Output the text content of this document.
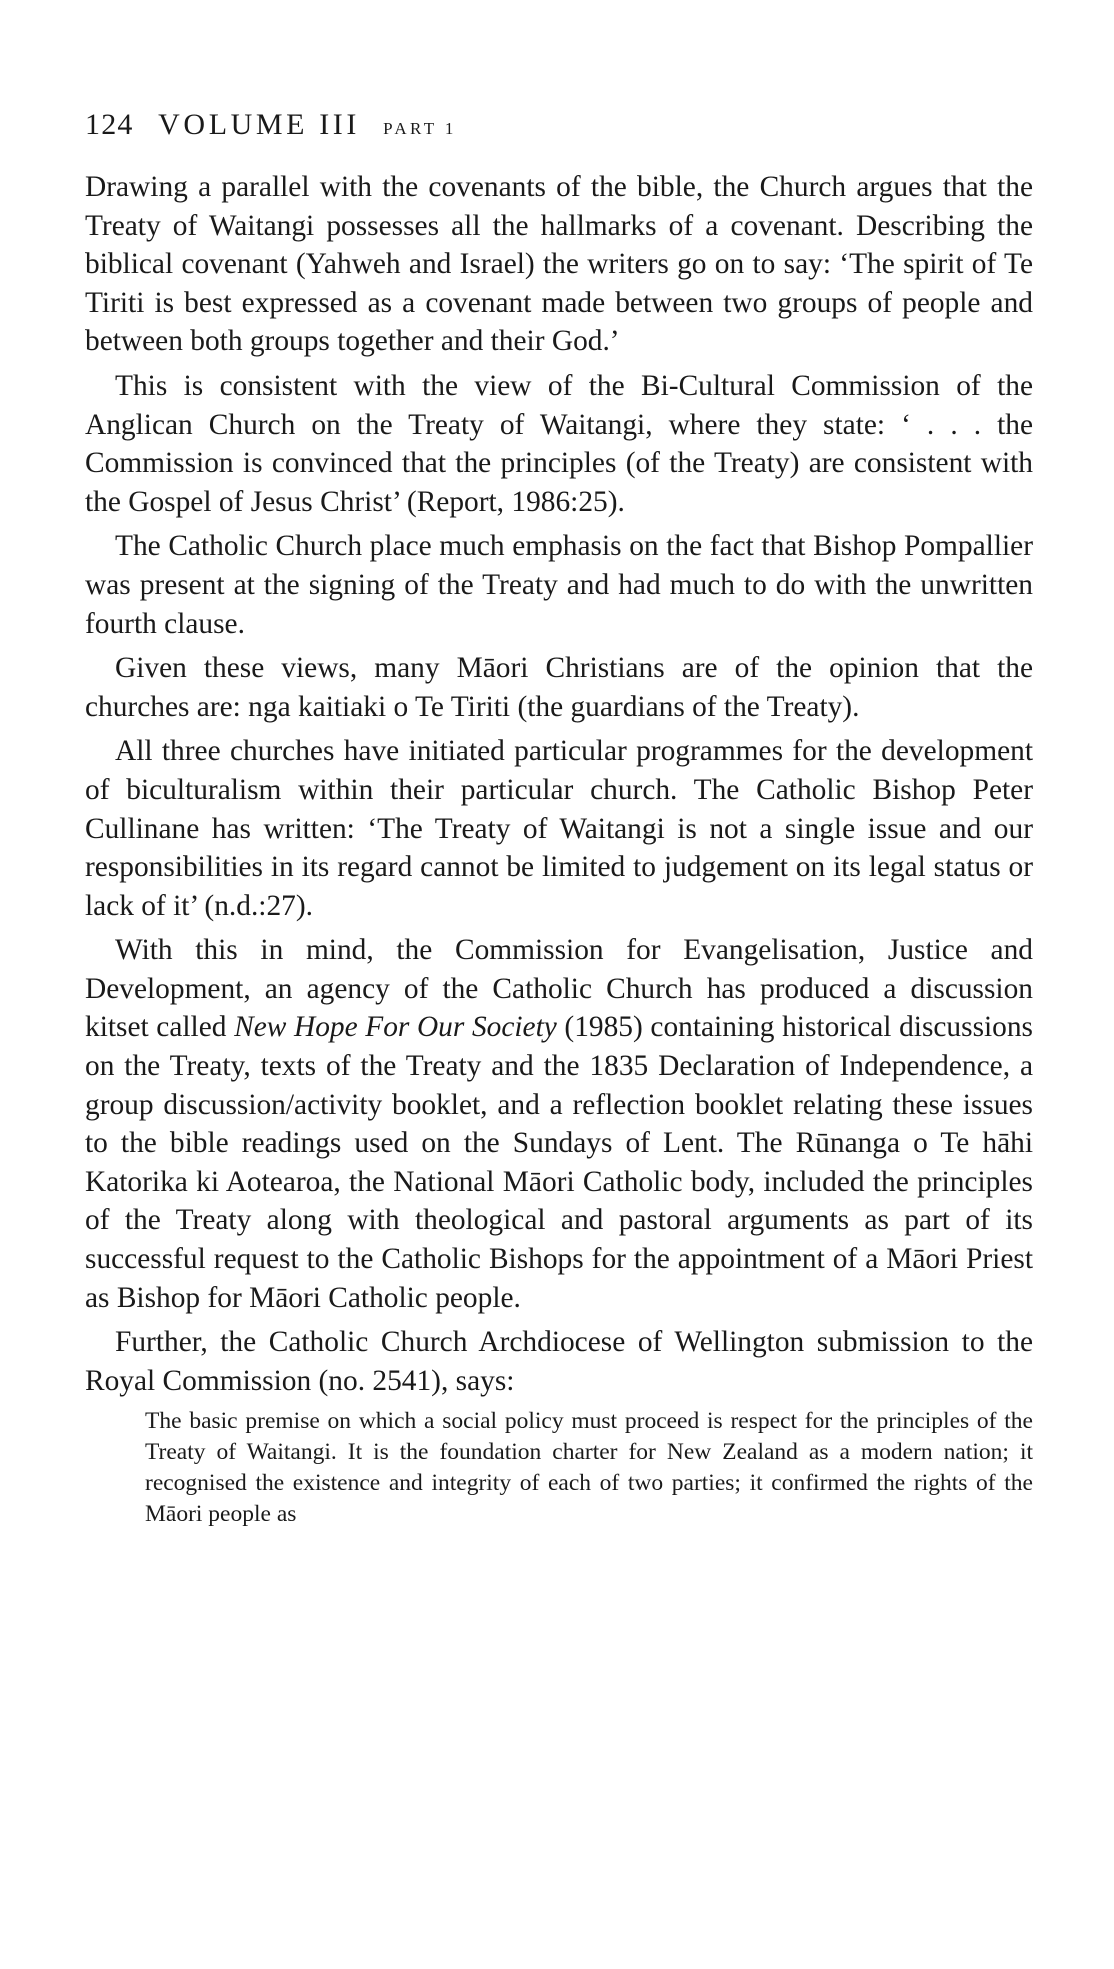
124 VOLUME III PART 1

Drawing a parallel with the covenants of the bible, the Church argues that the Treaty of Waitangi possesses all the hallmarks of a covenant. Describing the biblical covenant (Yahweh and Israel) the writers go on to say: ‘The spirit of Te Tiriti is best expressed as a covenant made between two groups of people and between both groups together and their God.’

This is consistent with the view of the Bi-Cultural Commission of the Anglican Church on the Treaty of Waitangi, where they state: ‘ . . . the Commission is convinced that the principles (of the Treaty) are consistent with the Gospel of Jesus Christ’ (Report, 1986:25).

The Catholic Church place much emphasis on the fact that Bishop Pompallier was present at the signing of the Treaty and had much to do with the unwritten fourth clause.

Given these views, many Māori Christians are of the opinion that the churches are: nga kaitiaki o Te Tiriti (the guardians of the Treaty).

All three churches have initiated particular programmes for the development of biculturalism within their particular church. The Catholic Bishop Peter Cullinane has written: ‘The Treaty of Waitangi is not a single issue and our responsibilities in its regard cannot be limited to judgement on its legal status or lack of it’ (n.d.:27).

With this in mind, the Commission for Evangelisation, Justice and Development, an agency of the Catholic Church has produced a discussion kitset called New Hope For Our Society (1985) containing historical discussions on the Treaty, texts of the Treaty and the 1835 Declaration of Independence, a group discussion/activity booklet, and a reflection booklet relating these issues to the bible readings used on the Sundays of Lent. The Rūnanga o Te hāhi Katorika ki Aotearoa, the National Māori Catholic body, included the principles of the Treaty along with theological and pastoral arguments as part of its successful request to the Catholic Bishops for the appointment of a Māori Priest as Bishop for Māori Catholic people.

Further, the Catholic Church Archdiocese of Wellington submission to the Royal Commission (no. 2541), says:

The basic premise on which a social policy must proceed is respect for the principles of the Treaty of Waitangi. It is the foundation charter for New Zealand as a modern nation; it recognised the existence and integrity of each of two parties; it confirmed the rights of the Māori people as
